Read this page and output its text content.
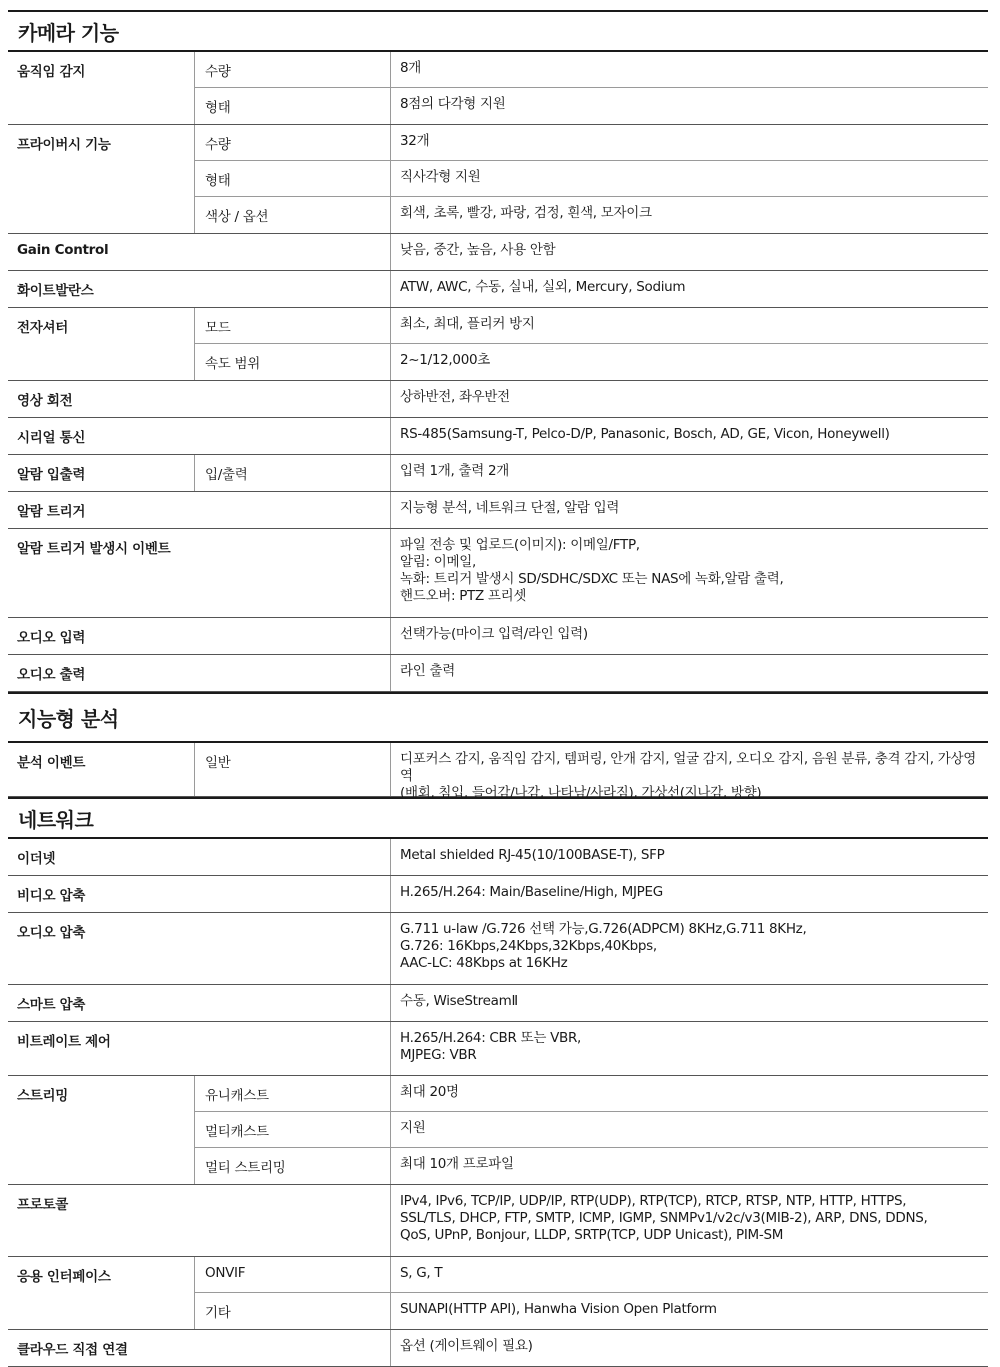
카메라 기능
움직임 감지	수량	8개
형태	8점의 다각형 지원
프라이버시 기능	수량	32개
형태	직사각형 지원
색상 / 옵션	회색, 초록, 빨강, 파랑, 검정, 흰색, 모자이크
Gain Control	낮음, 중간, 높음, 사용 안함
화이트발란스	ATW, AWC, 수동, 실내, 실외, Mercury, Sodium
전자셔터	모드	최소, 최대, 플리커 방지
속도 범위	2~1/12,000초
영상 회전	상하반전, 좌우반전
시리얼 통신	RS-485(Samsung-T, Pelco-D/P, Panasonic, Bosch, AD, GE, Vicon, Honeywell)
알람 입출력	입/출력	입력 1개, 출력 2개
알람 트리거	지능형 분석, 네트워크 단절, 알람 입력
알람 트리거 발생시 이벤트	파일 전송 및 업로드(이미지): 이메일/FTP,
알림: 이메일,
녹화: 트리거 발생시 SD/SDHC/SDXC 또는 NAS에 녹화,알람 출력,
핸드오버: PTZ 프리셋
오디오 입력	선택가능(마이크 입력/라인 입력)
오디오 출력	라인 출력
지능형 분석
분석 이벤트	일반	디포커스 감지, 움직임 감지, 템퍼링, 안개 감지, 얼굴 감지, 오디오 감지, 음원 분류, 충격 감지, 가상영역
(배회, 침입, 들어감/나감, 나타남/사라짐), 가상선(지나감, 방향)
네트워크
이더넷	Metal shielded RJ-45(10/100BASE-T), SFP
비디오 압축	H.265/H.264: Main/Baseline/High, MJPEG
오디오 압축	G.711 u-law /G.726 선택 가능,G.726(ADPCM) 8KHz,G.711 8KHz,
G.726: 16Kbps,24Kbps,32Kbps,40Kbps,
AAC-LC: 48Kbps at 16KHz
스마트 압축	수동, WiseStreamⅡ
비트레이트 제어	H.265/H.264: CBR 또는 VBR,
MJPEG: VBR
스트리밍	유니캐스트	최대 20명
멀티캐스트	지원
멀티 스트리밍	최대 10개 프로파일
프로토콜	IPv4, IPv6, TCP/IP, UDP/IP, RTP(UDP), RTP(TCP), RTCP, RTSP, NTP, HTTP, HTTPS,
SSL/TLS, DHCP, FTP, SMTP, ICMP, IGMP, SNMPv1/v2c/v3(MIB-2), ARP, DNS, DDNS,
QoS, UPnP, Bonjour, LLDP, SRTP(TCP, UDP Unicast), PIM-SM
응용 인터페이스	ONVIF	S, G, T
기타	SUNAPI(HTTP API), Hanwha Vision Open Platform
클라우드 직접 연결	옵션 (게이트웨이 필요)
